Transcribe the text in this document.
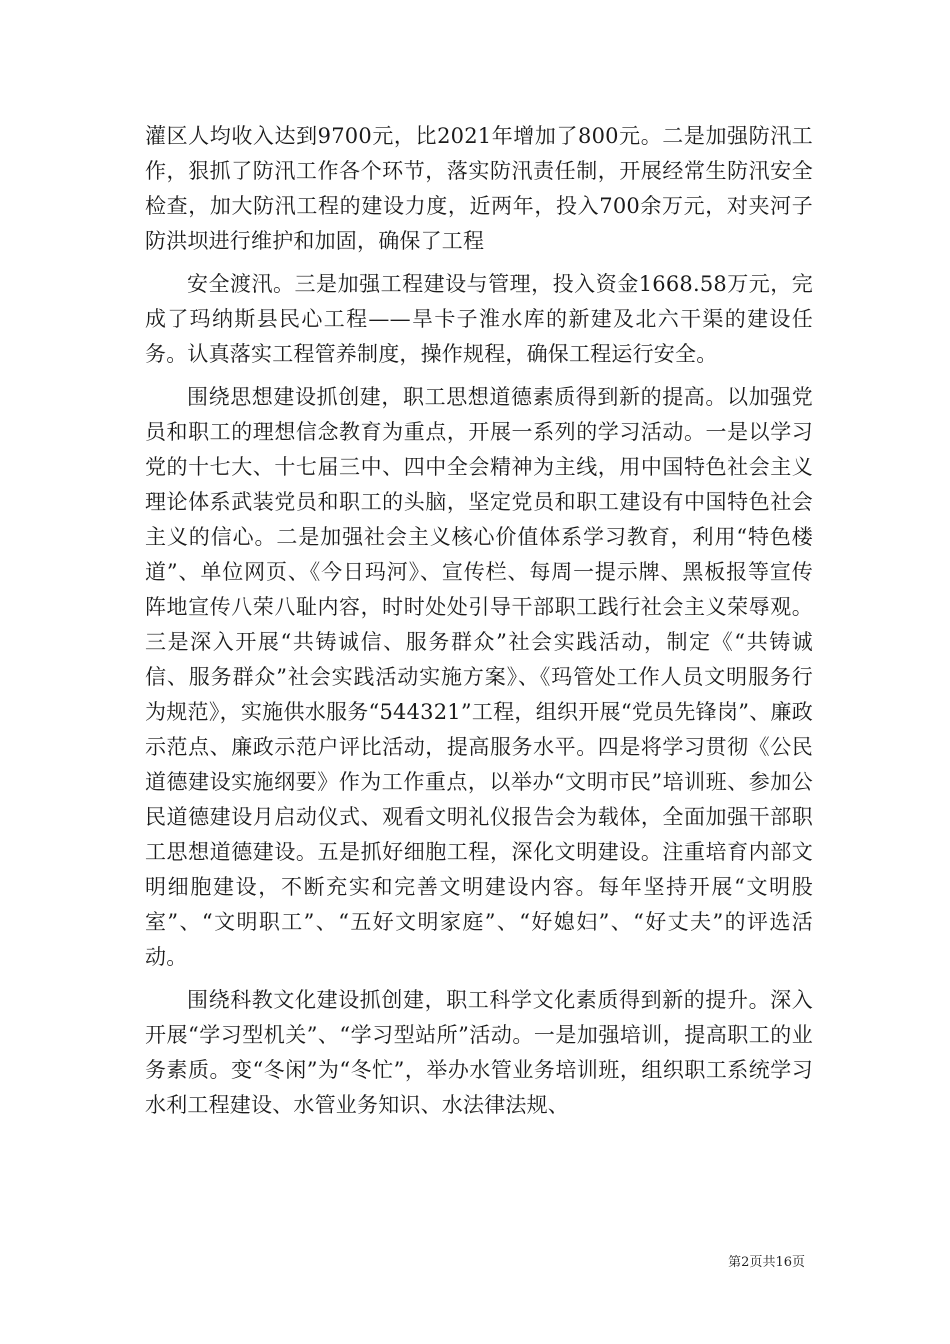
灌区人均收入达到9700元，比2021年增加了800元。二是加强防汛工作，狠抓了防汛工作各个环节，落实防汛责任制，开展经常生防汛安全检查，加大防汛工程的建设力度，近两年，投入700余万元，对夹河子防洪坝进行维护和加固，确保了工程

安全渡汛。三是加强工程建设与管理，投入资金1668.58万元，完成了玛纳斯县民心工程——旱卡子淮水库的新建及北六干渠的建设任务。认真落实工程管养制度，操作规程，确保工程运行安全。

围绕思想建设抓创建，职工思想道德素质得到新的提高。以加强党员和职工的理想信念教育为重点，开展一系列的学习活动。一是以学习党的十七大、十七届三中、四中全会精神为主线，用中国特色社会主义理论体系武装党员和职工的头脑，坚定党员和职工建设有中国特色社会主义的信心。二是加强社会主义核心价值体系学习教育，利用“特色楼道”、单位网页、《今日玛河》、宣传栏、每周一提示牌、黑板报等宣传阵地宣传八荣八耻内容，时时处处引导干部职工践行社会主义荣辱观。三是深入开展“共铸诚信、服务群众”社会实践活动，制定《“共铸诚信、服务群众”社会实践活动实施方案》、《玛管处工作人员文明服务行为规范》，实施供水服务“544321”工程，组织开展“党员先锋岗”、廉政示范点、廉政示范户评比活动，提高服务水平。四是将学习贯彻《公民道德建设实施纲要》作为工作重点，以举办“文明市民”培训班、参加公民道德建设月启动仪式、观看文明礼仪报告会为载体，全面加强干部职工思想道德建设。五是抓好细胞工程，深化文明建设。注重培育内部文明细胞建设，不断充实和完善文明建设内容。每年坚持开展“文明股室”、“文明职工”、“五好文明家庭”、“好媳妇”、“好丈夫”的评选活动。

围绕科教文化建设抓创建，职工科学文化素质得到新的提升。深入开展“学习型机关”、“学习型站所”活动。一是加强培训，提高职工的业务素质。变“冬闲”为“冬忙”，举办水管业务培训班，组织职工系统学习水利工程建设、水管业务知识、水法律法规、

第2页共16页
